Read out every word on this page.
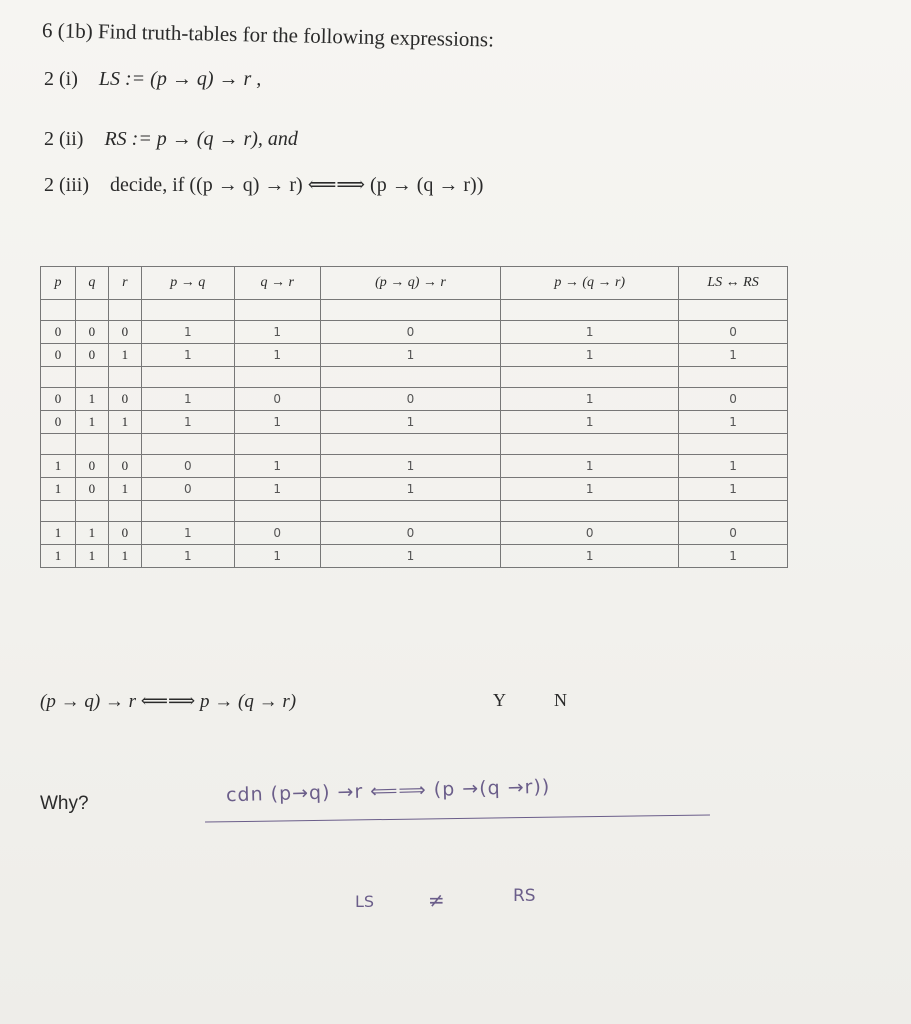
6 (1b) Find truth-tables for the following expressions:
2 (i) LS := (p → q) → r ,
2 (ii) RS := p → (q → r), and
2 (iii) decide, if ((p → q) → r) ⟸⟹ (p → (q → r))
p	q	r	p → q	q → r	(p → q) → r	p → (q → r)	LS ↔ RS

0	0	0	1	1	0	1	0
0	0	1	1	1	1	1	1

0	1	0	1	0	0	1	0
0	1	1	1	1	1	1	1

1	0	0	0	1	1	1	1
1	0	1	0	1	1	1	1

1	1	0	1	0	0	0	0
1	1	1	1	1	1	1	1
(p → q) → r ⟸⟹ p → (q → r)	Y	N
Why?	cdn (p→q) →r ⟸⟹ (p →(q →r))
LS	≠	RS
